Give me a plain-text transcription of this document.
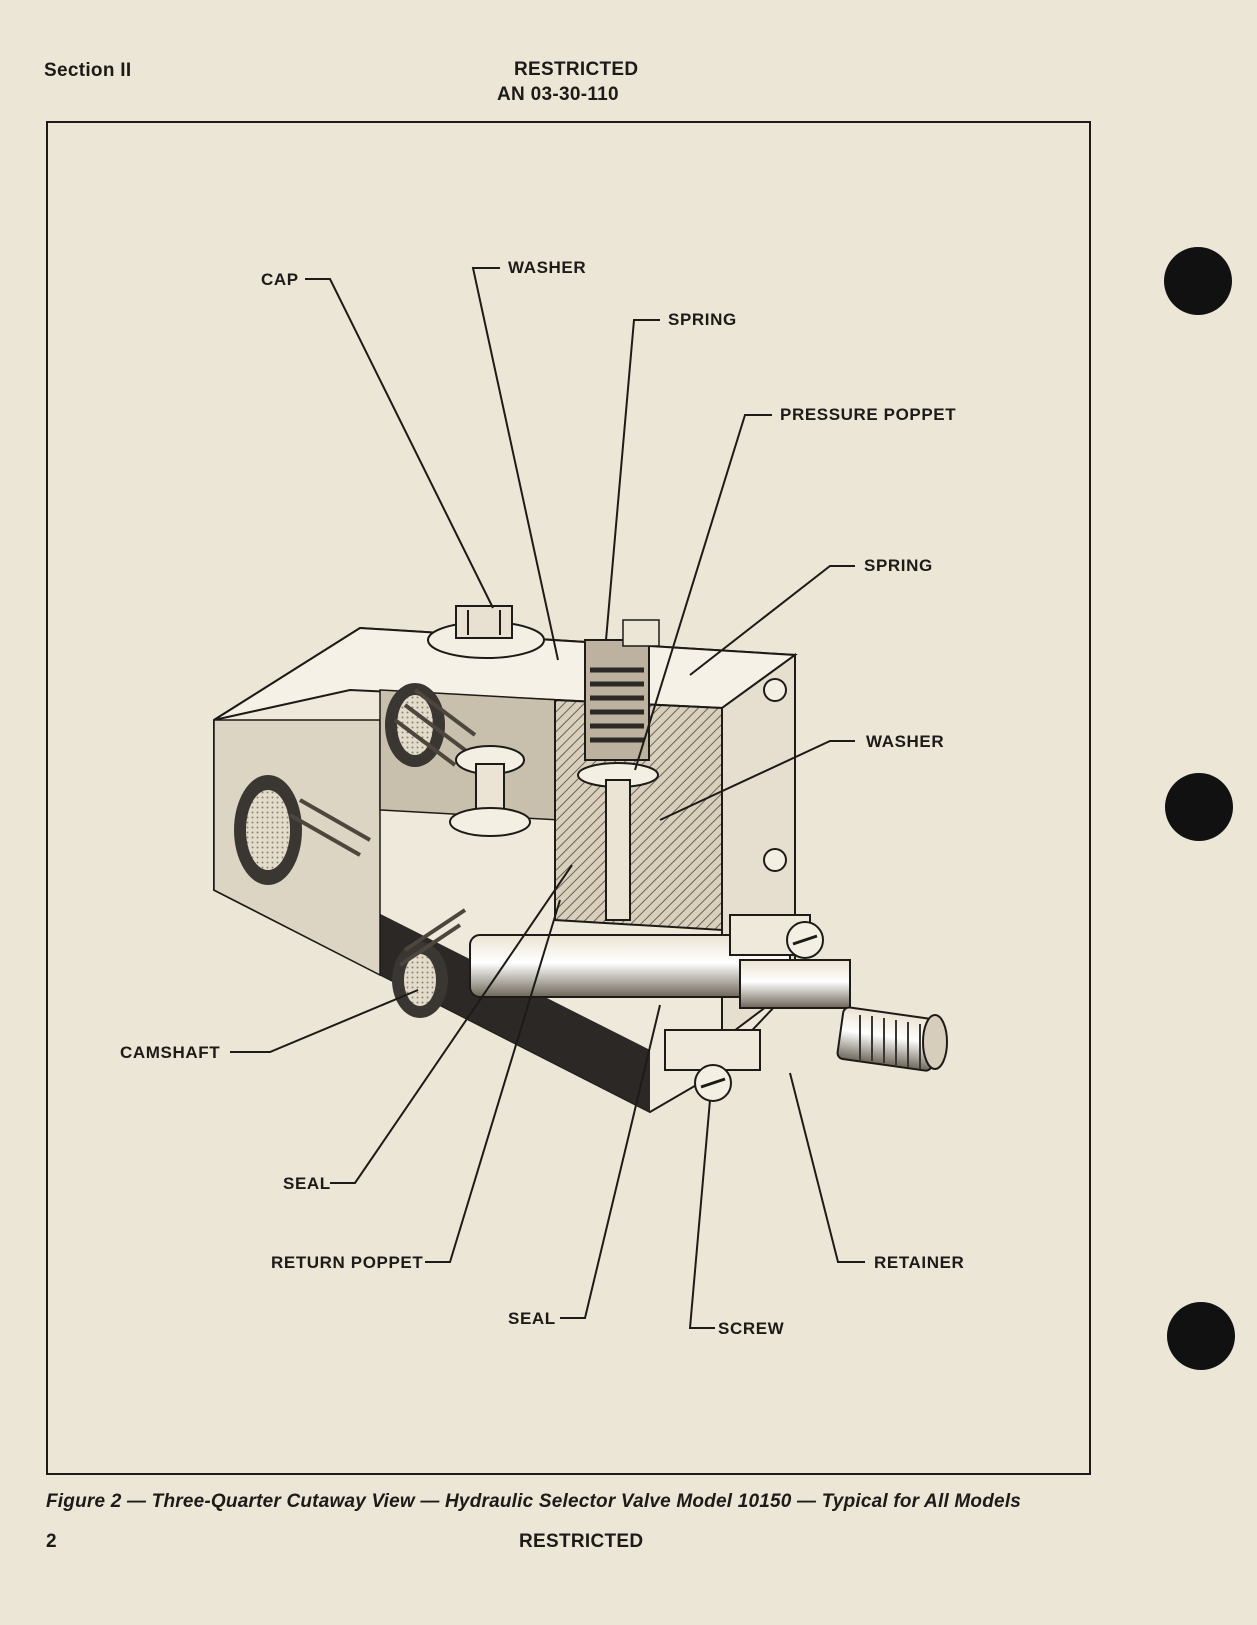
Section II	RESTRICTED
AN 03-30-110
CAP
WASHER
SPRING
PRESSURE POPPET
SPRING
WASHER
CAMSHAFT
SEAL
RETURN POPPET
SEAL
SCREW
RETAINER
Figure 2 — Three-Quarter Cutaway View — Hydraulic Selector Valve Model 10150 — Typical for All Models
2	RESTRICTED
